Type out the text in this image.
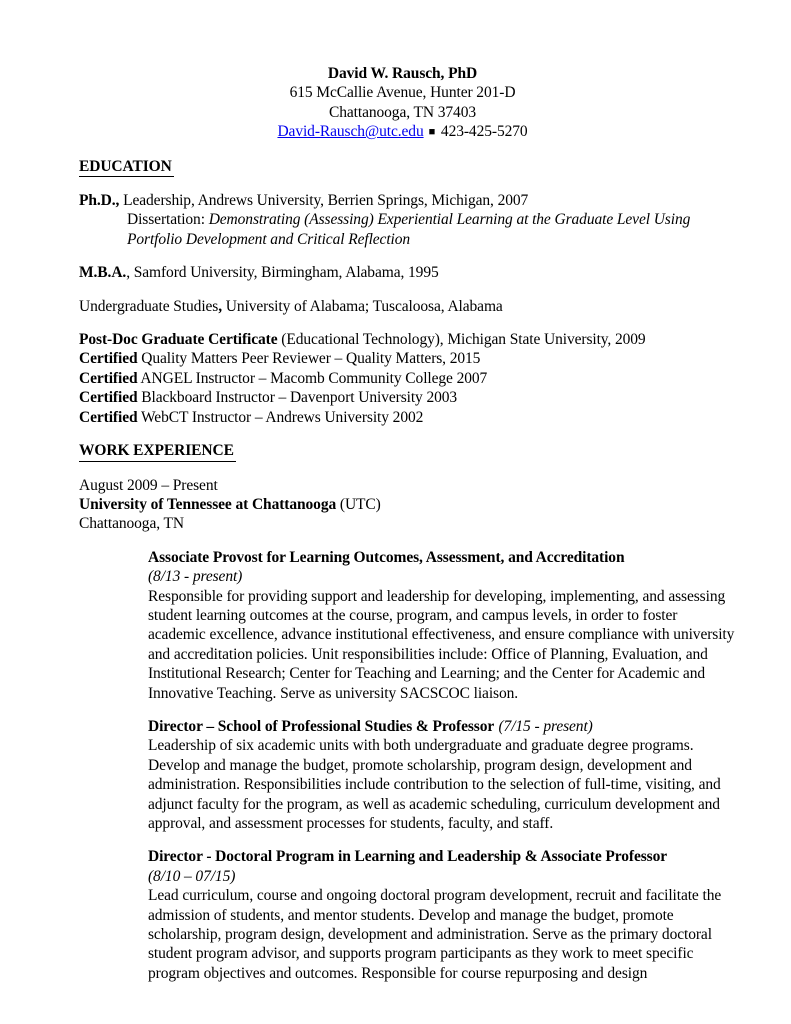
David W. Rausch, PhD

615 McCallie Avenue, Hunter 201-D

Chattanooga, TN 37403

David-Rausch@utc.edu ■ 423-425-5270

EDUCATION

Ph.D., Leadership, Andrews University, Berrien Springs, Michigan, 2007

Dissertation: Demonstrating (Assessing) Experiential Learning at the Graduate Level Using Portfolio Development and Critical Reflection

M.B.A., Samford University, Birmingham, Alabama, 1995

Undergraduate Studies, University of Alabama; Tuscaloosa, Alabama

Post-Doc Graduate Certificate (Educational Technology), Michigan State University, 2009

Certified Quality Matters Peer Reviewer – Quality Matters, 2015

Certified ANGEL Instructor – Macomb Community College 2007

Certified Blackboard Instructor – Davenport University 2003

Certified WebCT Instructor – Andrews University 2002

WORK EXPERIENCE

August 2009 – Present

University of Tennessee at Chattanooga (UTC)

Chattanooga, TN

Associate Provost for Learning Outcomes, Assessment, and Accreditation

(8/13 - present)

Responsible for providing support and leadership for developing, implementing, and assessing student learning outcomes at the course, program, and campus levels, in order to foster academic excellence, advance institutional effectiveness, and ensure compliance with university and accreditation policies. Unit responsibilities include: Office of Planning, Evaluation, and Institutional Research; Center for Teaching and Learning; and the Center for Academic and Innovative Teaching. Serve as university SACSCOC liaison.

Director – School of Professional Studies & Professor (7/15 - present)

Leadership of six academic units with both undergraduate and graduate degree programs. Develop and manage the budget, promote scholarship, program design, development and administration. Responsibilities include contribution to the selection of full-time, visiting, and adjunct faculty for the program, as well as academic scheduling, curriculum development and approval, and assessment processes for students, faculty, and staff.

Director - Doctoral Program in Learning and Leadership & Associate Professor

(8/10 – 07/15)

Lead curriculum, course and ongoing doctoral program development, recruit and facilitate the admission of students, and mentor students. Develop and manage the budget, promote scholarship, program design, development and administration. Serve as the primary doctoral student program advisor, and supports program participants as they work to meet specific program objectives and outcomes. Responsible for course repurposing and design
